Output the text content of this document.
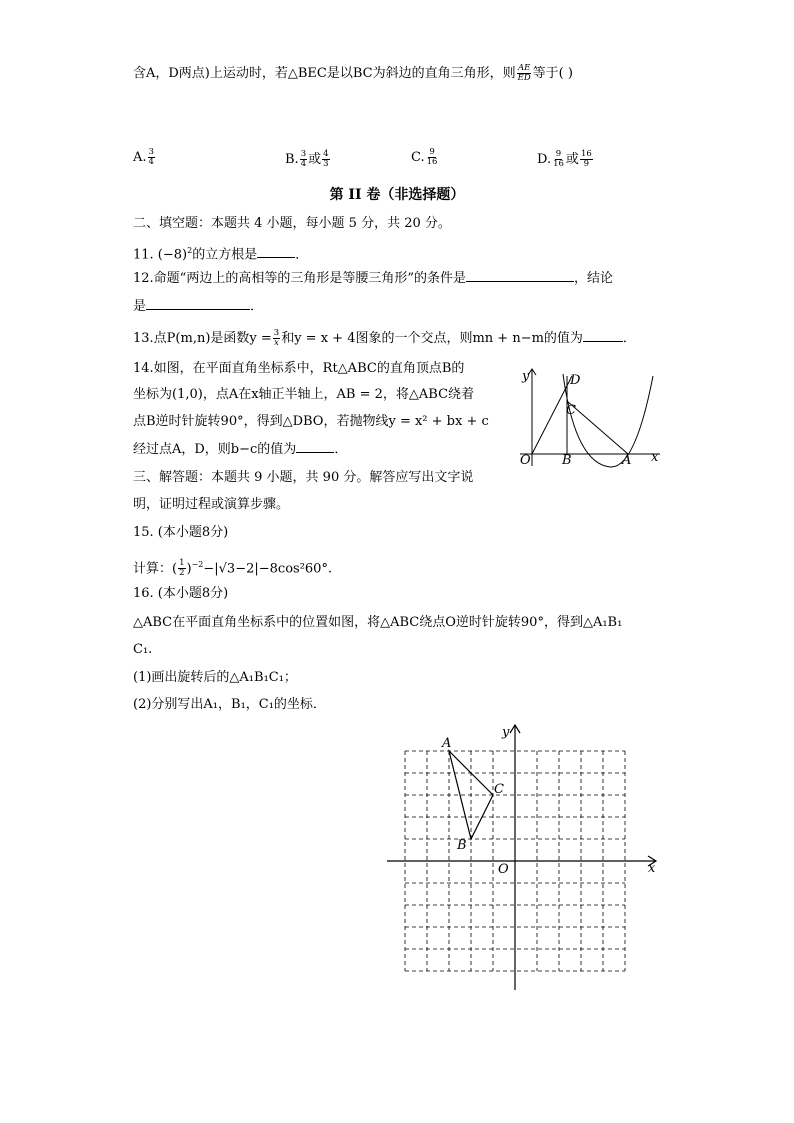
含A，D两点)上运动时，若△BEC是以BC为斜边的直角三角形，则 $\frac{AE}{ED}$ 等于( )
A. $\frac{3}{4}$	B. $\frac{3}{4}$ 或 $\frac{4}{3}$	C. $\frac{9}{16}$	D. $\frac{9}{16}$ 或 $\frac{16}{9}$
第 II 卷（非选择题）
二、填空题：本题共 4 小题，每小题 5 分，共 20 分。
11. $(-8)^2$的立方根是	．
12.命题“两边上的高相等的三角形是等腰三角形”的条件是	，结论
是	．
13.点P(m,n)是函数$y = \frac{3}{x}$ 和y = x + 4图象的一个交点，则mn + n−m的值为	．
14.如图，在平面直角坐标系中，Rt△ABC的直角顶点B的
坐标为(1,0)，点A在x轴正半轴上，AB = 2，将△ABC绕着
点B逆时针旋转90°，得到△DBO，若抛物线y = x² + bx + c
经过点A，D，则b−c的值为	．
y
x
O B	A
D
C
三、解答题：本题共 9 小题，共 90 分。解答应写出文字说
明，证明过程或演算步骤。
15. (本小题8分)
计算：( $\frac{1}{2} )^{-2}-|√3-2|-8\cos^260^\circ$.
16. (本小题8分)
△ABC在平面直角坐标系中的位置如图，将△ABC绕点O逆时针旋转90°，得到△A₁B₁
C₁.
(1)画出旋转后的△A₁B₁C₁；
(2)分别写出A₁，B₁，C₁的坐标．
y
x
O
A
B
C
